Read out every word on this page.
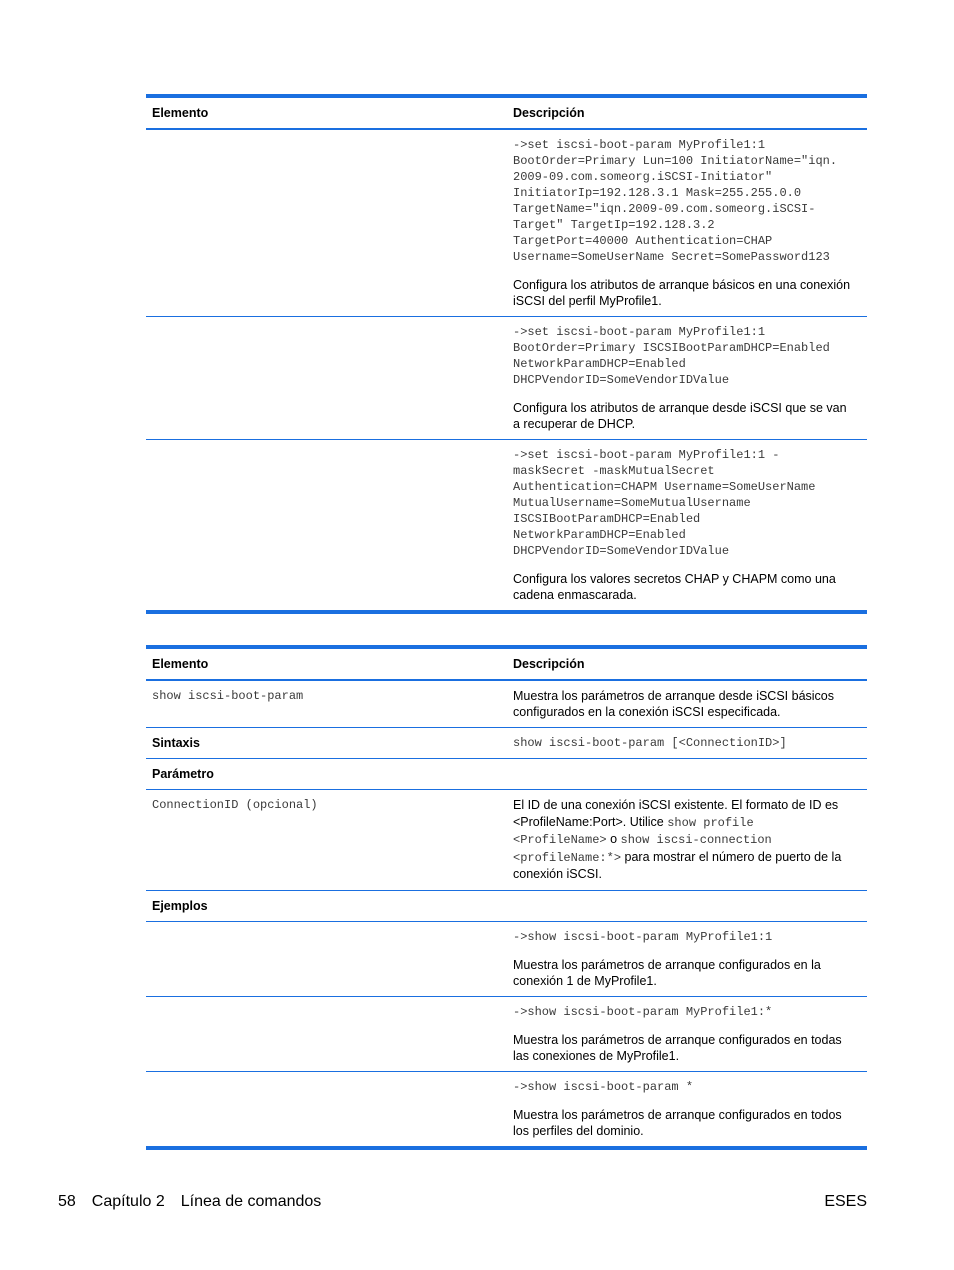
Elemento	Descripción
->set iscsi-boot-param MyProfile1:1
BootOrder=Primary Lun=100 InitiatorName="iqn.
2009-09.com.someorg.iSCSI-Initiator"
InitiatorIp=192.128.3.1 Mask=255.255.0.0
TargetName="iqn.2009-09.com.someorg.iSCSI-
Target" TargetIp=192.128.3.2
TargetPort=40000 Authentication=CHAP
Username=SomeUserName Secret=SomePassword123

Configura los atributos de arranque básicos en una conexión
iSCSI del perfil MyProfile1.

->set iscsi-boot-param MyProfile1:1
BootOrder=Primary ISCSIBootParamDHCP=Enabled
NetworkParamDHCP=Enabled
DHCPVendorID=SomeVendorIDValue

Configura los atributos de arranque desde iSCSI que se van
a recuperar de DHCP.

->set iscsi-boot-param MyProfile1:1 -
maskSecret -maskMutualSecret
Authentication=CHAPM Username=SomeUserName
MutualUsername=SomeMutualUsername
ISCSIBootParamDHCP=Enabled
NetworkParamDHCP=Enabled
DHCPVendorID=SomeVendorIDValue

Configura los valores secretos CHAP y CHAPM como una
cadena enmascarada.

Elemento	Descripción
show iscsi-boot-param	Muestra los parámetros de arranque desde iSCSI básicos
configurados en la conexión iSCSI especificada.

Sintaxis	show iscsi-boot-param [<ConnectionID>]

Parámetro

ConnectionID (opcional)	El ID de una conexión iSCSI existente. El formato de ID es
<ProfileName:Port>. Utilice show profile
<ProfileName> o show iscsi-connection
<profileName:*> para mostrar el número de puerto de la
conexión iSCSI.

Ejemplos

->show iscsi-boot-param MyProfile1:1

Muestra los parámetros de arranque configurados en la
conexión 1 de MyProfile1.

->show iscsi-boot-param MyProfile1:*

Muestra los parámetros de arranque configurados en todas
las conexiones de MyProfile1.

->show iscsi-boot-param *

Muestra los parámetros de arranque configurados en todos
los perfiles del dominio.

58 Capítulo 2 Línea de comandos	ESES
